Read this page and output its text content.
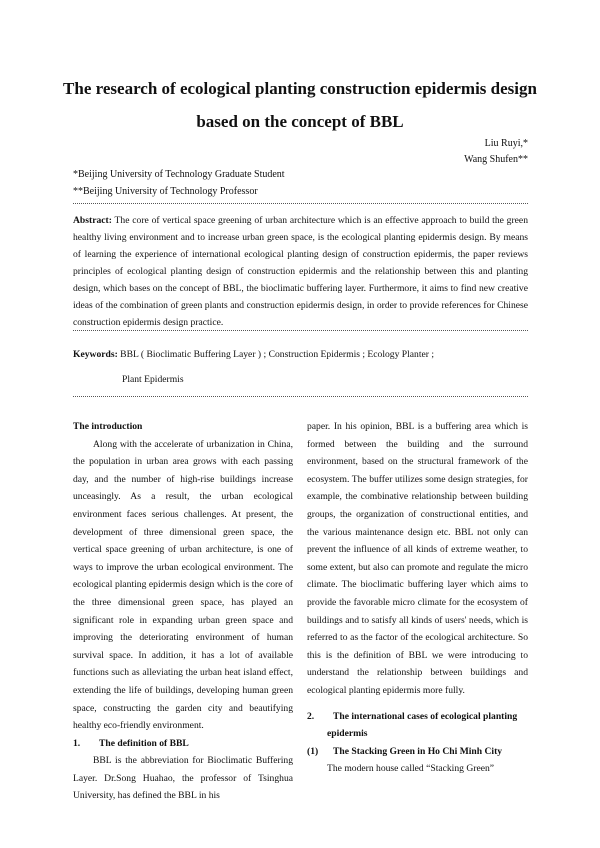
The research of ecological planting construction epidermis design
based on the concept of BBL
Liu Ruyi,*
Wang Shufen**
*Beijing University of Technology Graduate Student
**Beijing University of Technology Professor

Abstract: The core of vertical space greening of urban architecture which is an effective approach to build the green healthy living environment and to increase urban green space, is the ecological planting epidermis design. By means of learning the experience of international ecological planting design of construction epidermis, the paper reviews principles of ecological planting design of construction epidermis and the relationship between this and planting design, which bases on the concept of BBL, the bioclimatic buffering layer. Furthermore, it aims to find new creative ideas of the combination of green plants and construction epidermis design, in order to provide references for Chinese construction epidermis design practice.

Keywords: BBL ( Bioclimatic Buffering Layer ) ; Construction Epidermis ; Ecology Planter ;
Plant Epidermis

The introduction

Along with the accelerate of urbanization in China, the population in urban area grows with each passing day, and the number of high-rise buildings increase unceasingly. As a result, the urban ecological environment faces serious challenges. At present, the development of three dimensional green space, the vertical space greening of urban architecture, is one of ways to improve the urban ecological environment. The ecological planting epidermis design which is the core of the three dimensional green space, has played an significant role in expanding urban green space and improving the deteriorating environment of human survival space. In addition, it has a lot of available functions such as alleviating the urban heat island effect, extending the life of buildings, developing human green space, constructing the garden city and beautifying healthy eco-friendly environment.

1. The definition of BBL

BBL is the abbreviation for Bioclimatic Buffering Layer. Dr.Song Huahao, the professor of Tsinghua University, has defined the BBL in his

paper. In his opinion, BBL is a buffering area which is formed between the building and the surround environment, based on the structural framework of the ecosystem. The buffer utilizes some design strategies, for example, the combinative relationship between building groups, the organization of constructional entities, and the various maintenance design etc. BBL not only can prevent the influence of all kinds of extreme weather, to some extent, but also can promote and regulate the micro climate. The bioclimatic buffering layer which aims to provide the favorable micro climate for the ecosystem of buildings and to satisfy all kinds of users' needs, which is referred to as the factor of the ecological architecture. So this is the definition of BBL we were introducing to understand the relationship between buildings and ecological planting epidermis more fully.

2. The international cases of ecological planting

epidermis

(1) The Stacking Green in Ho Chi Minh City

The modern house called “Stacking Green”
